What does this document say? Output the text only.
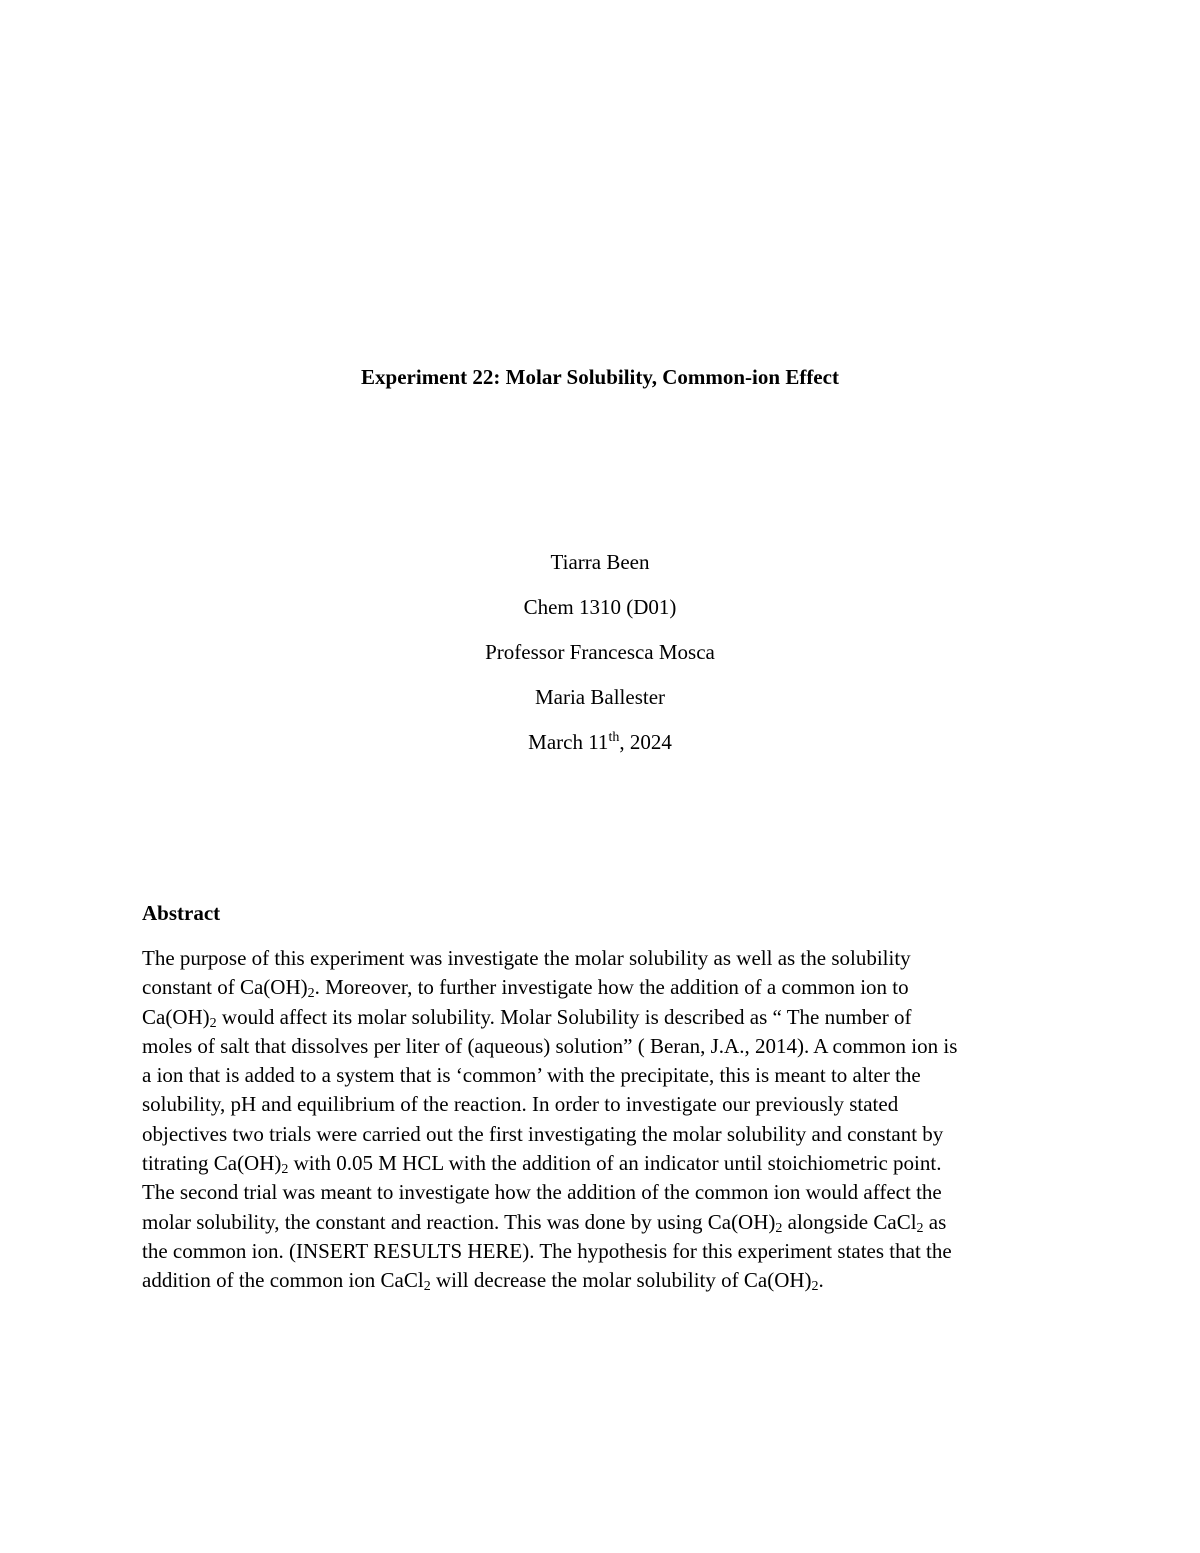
Experiment 22: Molar Solubility, Common-ion Effect
Tiarra Been
Chem 1310 (D01)
Professor Francesca Mosca
Maria Ballester
March 11th, 2024
Abstract
The purpose of this experiment was investigate the molar solubility as well as the solubility
constant of $Ca(OH)_2$. Moreover, to further investigate how the addition of a common ion to
$Ca(OH)_2$ would affect its molar solubility. Molar Solubility is described as “ The number of
moles of salt that dissolves per liter of (aqueous) solution” ( Beran, J.A., 2014). A common ion is
a ion that is added to a system that is ‘common’ with the precipitate, this is meant to alter the
solubility, pH and equilibrium of the reaction. In order to investigate our previously stated
objectives two trials were carried out the first investigating the molar solubility and constant by
titrating $Ca(OH)_2$ with 0.05 M HCL with the addition of an indicator until stoichiometric point.
The second trial was meant to investigate how the addition of the common ion would affect the
molar solubility, the constant and reaction. This was done by using $Ca(OH)_2$ alongside CaCl$_2$ as
the common ion. (INSERT RESULTS HERE). The hypothesis for this experiment states that the
addition of the common ion CaCl$_2$ will decrease the molar solubility of $Ca(OH)_2$.
